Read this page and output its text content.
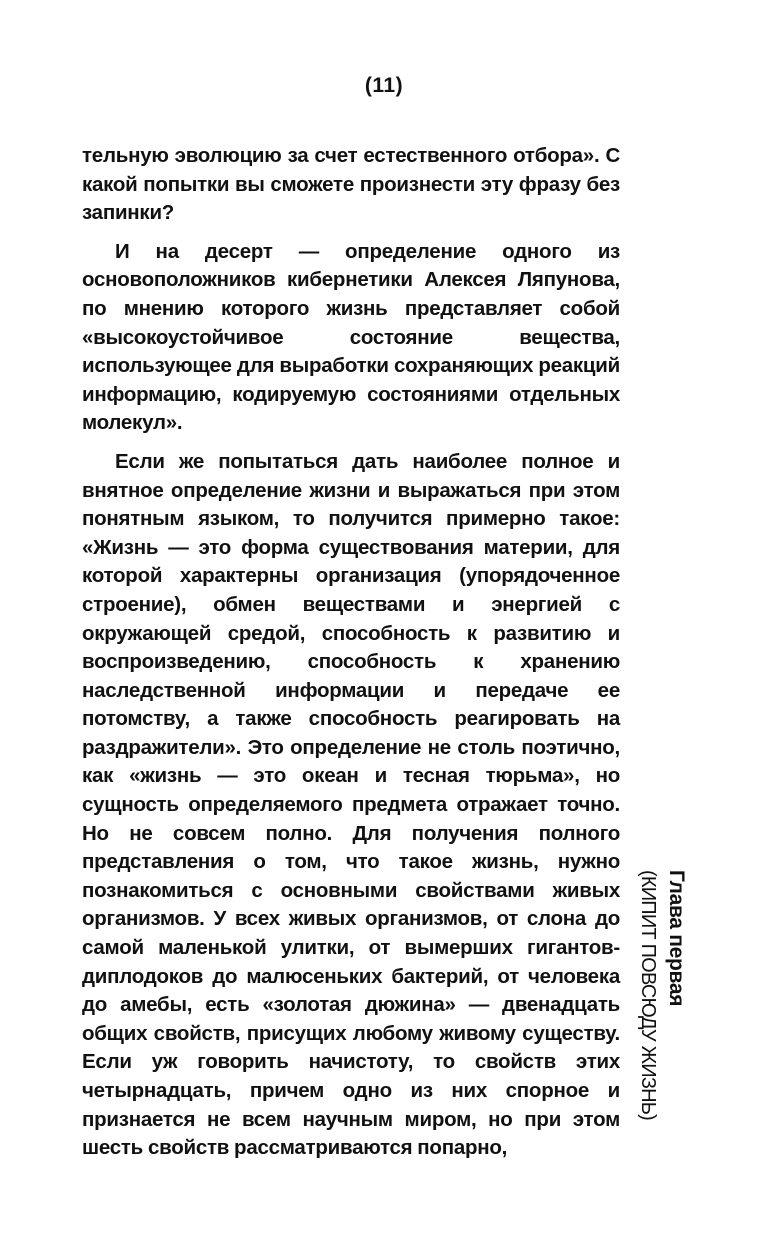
(11)

тельную эволюцию за счет естественного отбора». С какой попытки вы сможете произнести эту фразу без запинки?

И на десерт — определение одного из основоположников кибернетики Алексея Ляпунова, по мнению которого жизнь представляет собой «высокоустойчивое состояние вещества, использующее для выработки сохраняющих реакций информацию, кодируемую состояниями отдельных молекул».

Если же попытаться дать наиболее полное и внятное определение жизни и выражаться при этом понятным языком, то получится примерно такое: «Жизнь — это форма существования материи, для которой характерны организация (упорядоченное строение), обмен веществами и энергией с окружающей средой, способность к развитию и воспроизведению, способность к хранению наследственной информации и передаче ее потомству, а также способность реагировать на раздражители». Это определение не столь поэтично, как «жизнь — это океан и тесная тюрьма», но сущность определяемого предмета отражает точно. Но не совсем полно. Для получения полного представления о том, что такое жизнь, нужно познакомиться с основными свойствами живых организмов. У всех живых организмов, от слона до самой маленькой улитки, от вымерших гигантов-диплодоков до малюсеньких бактерий, от человека до амебы, есть «золотая дюжина» — двенадцать общих свойств, присущих любому живому существу. Если уж говорить начистоту, то свойств этих четырнадцать, причем одно из них спорное и признается не всем научным миром, но при этом шесть свойств рассматриваются попарно,

Глава первая
(КИПИТ ПОВСЮДУ ЖИЗНЬ)
